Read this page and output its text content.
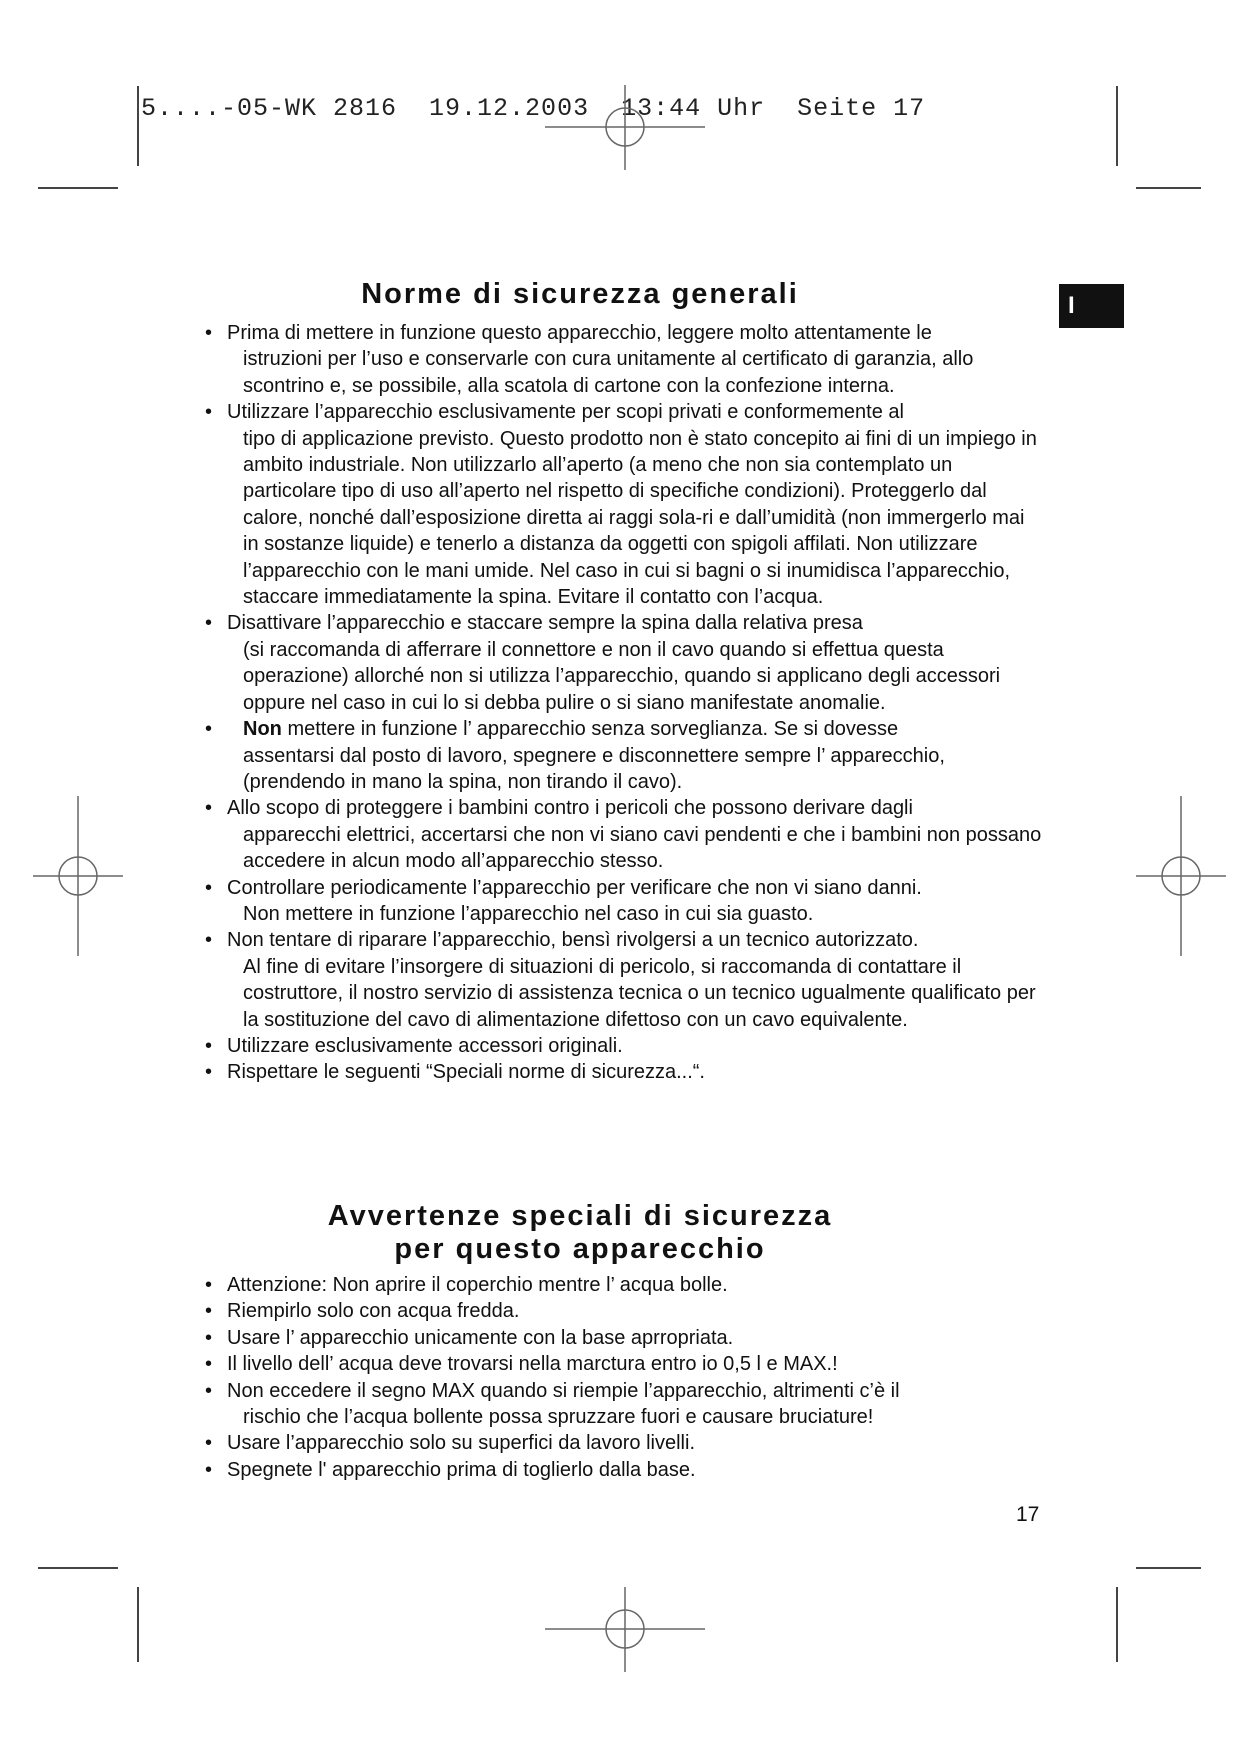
5....-05-WK 2816  19.12.2003  13:44 Uhr  Seite 17
I
Norme di sicurezza generali
• Prima di mettere in funzione questo apparecchio, leggere molto attentamente le
istruzioni per l’uso e conservarle con cura unitamente al certificato di garanzia, allo scontrino e, se possibile, alla scatola di cartone con la confezione interna.
• Utilizzare l’apparecchio esclusivamente per scopi privati e conformemente al
tipo di applicazione previsto. Questo prodotto non è stato concepito ai fini di un impiego in ambito industriale. Non utilizzarlo all’aperto (a meno che non sia contemplato un particolare tipo di uso all’aperto nel rispetto di specifiche condizioni). Proteggerlo dal calore, nonché dall’esposizione diretta ai raggi sola-ri e dall’umidità (non immergerlo mai in sostanze liquide) e tenerlo a distanza da oggetti con spigoli affilati. Non utilizzare l’apparecchio con le mani umide. Nel caso in cui si bagni o si inumidisca l’apparecchio, staccare immediatamente la spina. Evitare il contatto con l’acqua.
• Disattivare l’apparecchio e staccare sempre la spina dalla relativa presa
(si raccomanda di afferrare il connettore e non il cavo quando si effettua questa operazione) allorché non si utilizza l’apparecchio, quando si applicano degli accessori oppure nel caso in cui lo si debba pulire o si siano manifestate anomalie.
• Non mettere in funzione l’ apparecchio senza sorveglianza. Se si dovesse
assentarsi dal posto di lavoro, spegnere e disconnettere sempre l’ apparecchio, (prendendo in mano la spina, non tirando il cavo).
• Allo scopo di proteggere i bambini contro i pericoli che possono derivare dagli
apparecchi elettrici, accertarsi che non vi siano cavi pendenti e che i bambini non possano accedere in alcun modo all’apparecchio stesso.
• Controllare periodicamente l’apparecchio per verificare che non vi siano danni.
Non mettere in funzione l’apparecchio nel caso in cui sia guasto.
• Non tentare di riparare l’apparecchio, bensì rivolgersi a un tecnico autorizzato.
Al fine di evitare l’insorgere di situazioni di pericolo, si raccomanda di contattare il costruttore, il nostro servizio di assistenza tecnica o un tecnico ugualmente qualificato per la sostituzione del cavo di alimentazione difettoso con un cavo equivalente.
• Utilizzare esclusivamente accessori originali.
• Rispettare le seguenti “Speciali norme di sicurezza...“.
Avvertenze speciali di sicurezza
per questo apparecchio
• Attenzione: Non aprire il coperchio mentre l’ acqua bolle.
• Riempirlo solo con acqua fredda.
• Usare l’ apparecchio unicamente con la base aprropriata.
• Il livello dell’ acqua deve trovarsi nella marctura entro io 0,5 l e MAX.!
• Non eccedere il segno MAX quando si riempie l’apparecchio, altrimenti c’è il
rischio che l’acqua bollente possa spruzzare fuori e causare bruciature!
• Usare l’apparecchio solo su superfici da lavoro livelli.
• Spegnete l' apparecchio prima di toglierlo dalla base.
17
